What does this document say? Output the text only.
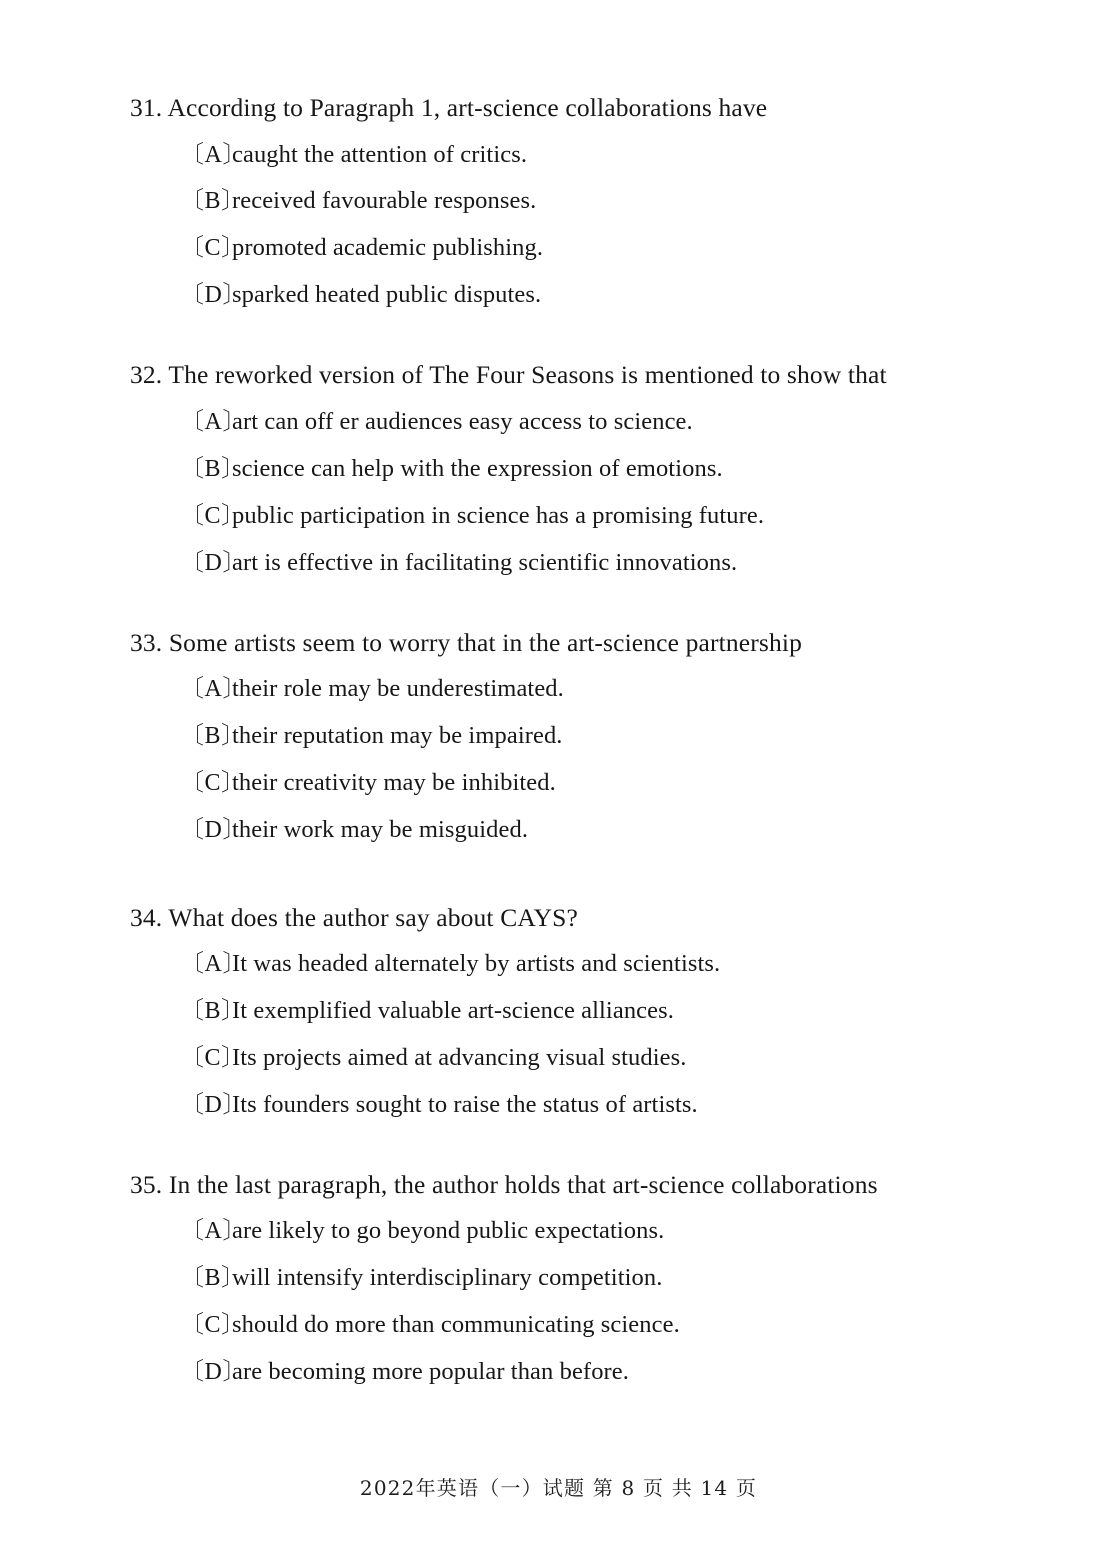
31. According to Paragraph 1, art-science collaborations have
〔A〕
caught the attention of critics.
〔B〕
received favourable responses.
〔C〕
promoted academic publishing.
〔D〕
sparked heated public disputes.
32. The reworked version of The Four Seasons is mentioned to show that
〔A〕
art can off er audiences easy access to science.
〔B〕
science can help with the expression of emotions.
〔C〕
public participation in science has a promising future.
〔D〕
art is effective in facilitating scientific innovations.
33. Some artists seem to worry that in the art-science partnership
〔A〕
their role may be underestimated.
〔B〕
their reputation may be impaired.
〔C〕
their creativity may be inhibited.
〔D〕
their work may be misguided.
34. What does the author say about CAYS?
〔A〕
It was headed alternately by artists and scientists.
〔B〕
It exemplified valuable art-science alliances.
〔C〕
Its projects aimed at advancing visual studies.
〔D〕
Its founders sought to raise the status of artists.
35. In the last paragraph, the author holds that art-science collaborations
〔A〕
are likely to go beyond public expectations.
〔B〕
will intensify interdisciplinary competition.
〔C〕
should do more than communicating science.
〔D〕
are becoming more popular than before.
2022年英语（一）试题 第 8 页 共 14 页
